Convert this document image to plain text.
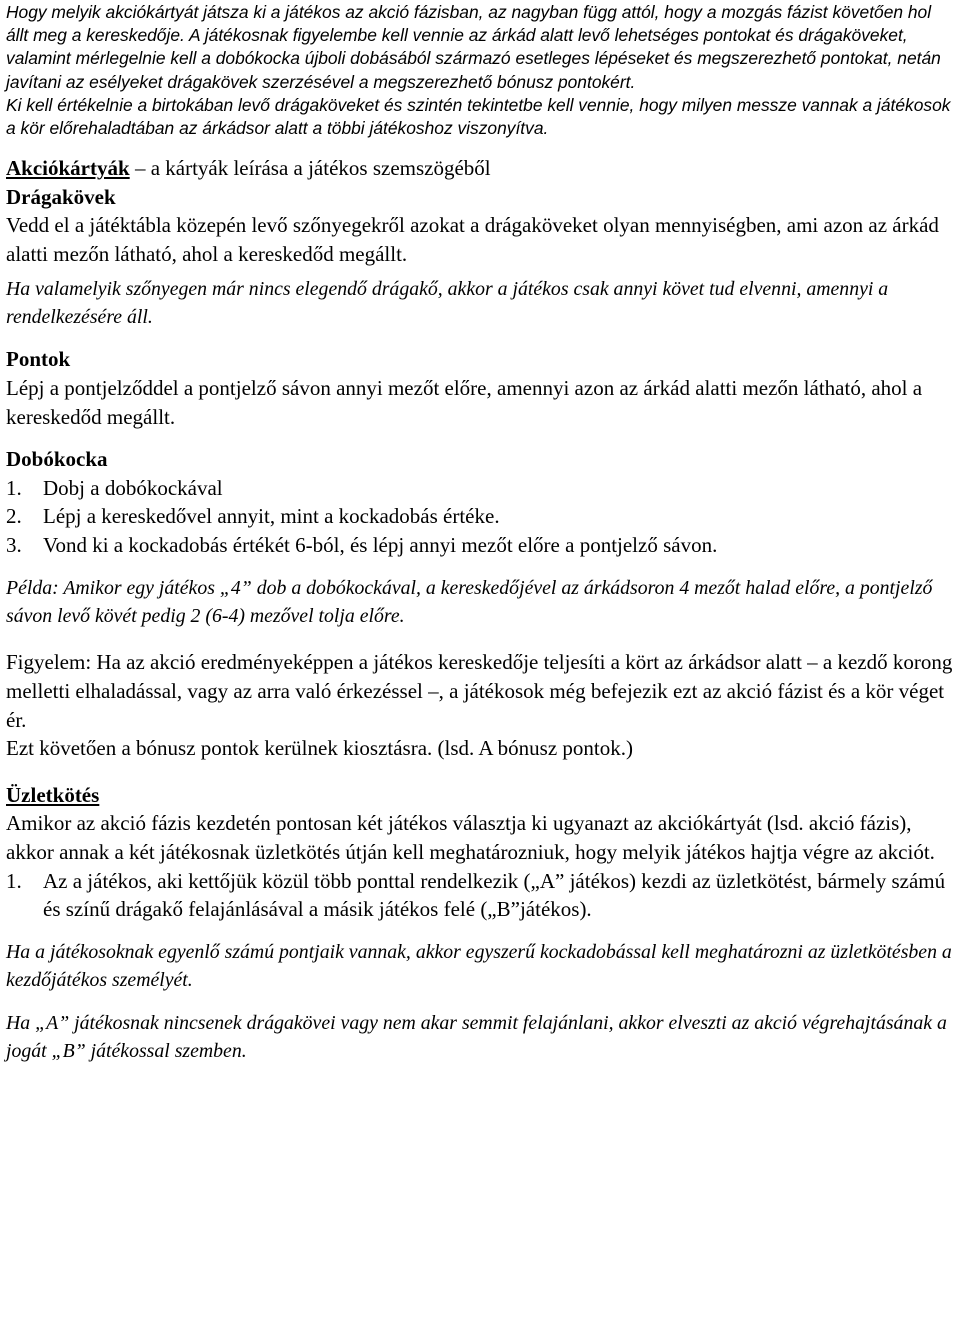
Hogy melyik akciókártyát játsza ki a játékos az akció fázisban, az nagyban függ attól, hogy a mozgás fázist követően hol állt meg a kereskedője. A játékosnak figyelembe kell vennie az árkád alatt levő lehetséges pontokat és drágaköveket, valamint mérlegelnie kell a dobókocka újboli dobásából származó esetleges lépéseket és megszerezhető pontokat, netán javítani az esélyeket drágakövek szerzésével a megszerezhető bónusz pontokért.

Ki kell értékelnie a birtokában levő drágaköveket és szintén tekintetbe kell vennie, hogy milyen messze vannak a játékosok a kör előrehaladtában az árkádsor alatt a többi játékoshoz viszonyítva.

Akciókártyák – a kártyák leírása a játékos szemszögéből

Drágakövek

Vedd el a játéktábla közepén levő szőnyegekről azokat a drágaköveket olyan mennyiségben, ami azon az árkád alatti mezőn látható, ahol a kereskedőd megállt.

Ha valamelyik szőnyegen már nincs elegendő drágakő, akkor a játékos csak annyi követ tud elvenni, amennyi a rendelkezésére áll.

Pontok

Lépj a pontjelződdel a pontjelző sávon annyi mezőt előre, amennyi azon az árkád alatti mezőn látható, ahol a kereskedőd megállt.

Dobókocka

1.	Dobj a dobókockával
2.	Lépj a kereskedővel annyit, mint a kockadobás értéke.
3.	Vond ki a kockadobás értékét 6-ból, és lépj annyi mezőt előre a pontjelző sávon.

Példa: Amikor egy játékos „4” dob a dobókockával, a kereskedőjével az árkádsoron 4 mezőt halad előre, a pontjelző sávon levő kövét pedig 2 (6-4) mezővel tolja előre.

Figyelem: Ha az akció eredményeképpen a játékos kereskedője teljesíti a kört az árkádsor alatt – a kezdő korong melletti elhaladással, vagy az arra való érkezéssel –, a játékosok még befejezik ezt az akció fázist és a kör véget ér.

Ezt követően a bónusz pontok kerülnek kiosztásra. (lsd. A bónusz pontok.)

Üzletkötés

Amikor az akció fázis kezdetén pontosan két játékos választja ki ugyanazt az akciókártyát (lsd. akció fázis), akkor annak a két játékosnak üzletkötés útján kell meghatározniuk, hogy melyik játékos hajtja végre az akciót.

1.	Az a játékos, aki kettőjük közül több ponttal rendelkezik („A” játékos) kezdi az üzletkötést, bármely számú és színű drágakő felajánlásával a másik játékos felé („B”játékos).

Ha a játékosoknak egyenlő számú pontjaik vannak, akkor egyszerű kockadobással kell meghatározni az üzletkötésben a kezdőjátékos személyét.

Ha „A” játékosnak nincsenek drágakövei vagy nem akar semmit felajánlani, akkor elveszti az akció végrehajtásának a jogát „B” játékossal szemben.
